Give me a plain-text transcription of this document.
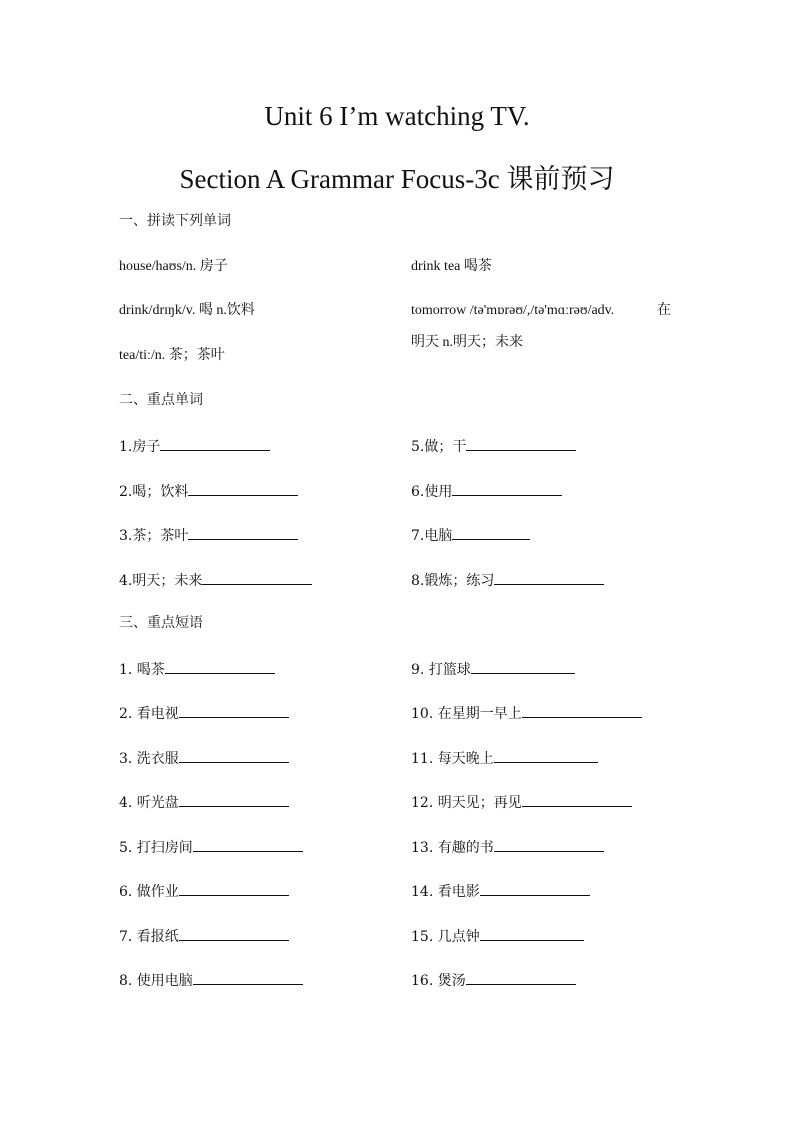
Unit 6 I’m watching TV.
Section A Grammar Focus-3c 课前预习
一、拼读下列单词
house/haʊs/n. 房子
drink/drɪŋk/v. 喝 n.饮料
tea/tiː/n. 茶；茶叶
drink tea 喝茶
tomorrow /tə'mɒrəʊ/,/tə'mɑːrəʊ/adv.	在
明天 n.明天；未来
二、重点单词
1.房子
2.喝；饮料
3.茶；茶叶
4.明天；未来
5.做；干
6.使用
7.电脑
8.锻炼；练习
三、重点短语
1. 喝茶
2. 看电视
3. 洗衣服
4. 听光盘
5. 打扫房间
6. 做作业
7. 看报纸
8. 使用电脑
9. 打篮球
10. 在星期一早上
11. 每天晚上
12. 明天见；再见
13. 有趣的书
14. 看电影
15. 几点钟
16. 煲汤
